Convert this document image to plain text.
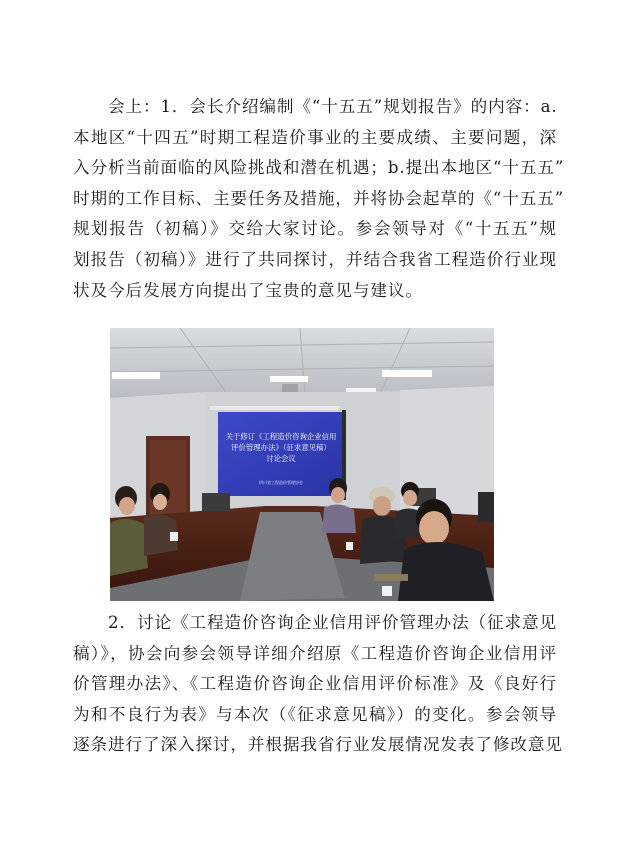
　　会上：1．会长介绍编制《“十五五”规划报告》的内容：a.
本地区“十四五”时期工程造价事业的主要成绩、主要问题，深
入分析当前面临的风险挑战和潜在机遇；b.提出本地区“十五五”
时期的工作目标、主要任务及措施，并将协会起草的《“十五五”
规划报告（初稿）》交给大家讨论。参会领导对《“十五五”规
划报告（初稿）》进行了共同探讨，并结合我省工程造价行业现
状及今后发展方向提出了宝贵的意见与建议。
关于修订《工程造价咨询企业信用
评价管理办法》（征求意见稿）
讨论会议
四川省工程造价管理协会
　　2．讨论《工程造价咨询企业信用评价管理办法（征求意见
稿）》，协会向参会领导详细介绍原《工程造价咨询企业信用评
价管理办法》、《工程造价咨询企业信用评价标准》及《良好行
为和不良行为表》与本次（《征求意见稿》）的变化。参会领导
逐条进行了深入探讨，并根据我省行业发展情况发表了修改意见
